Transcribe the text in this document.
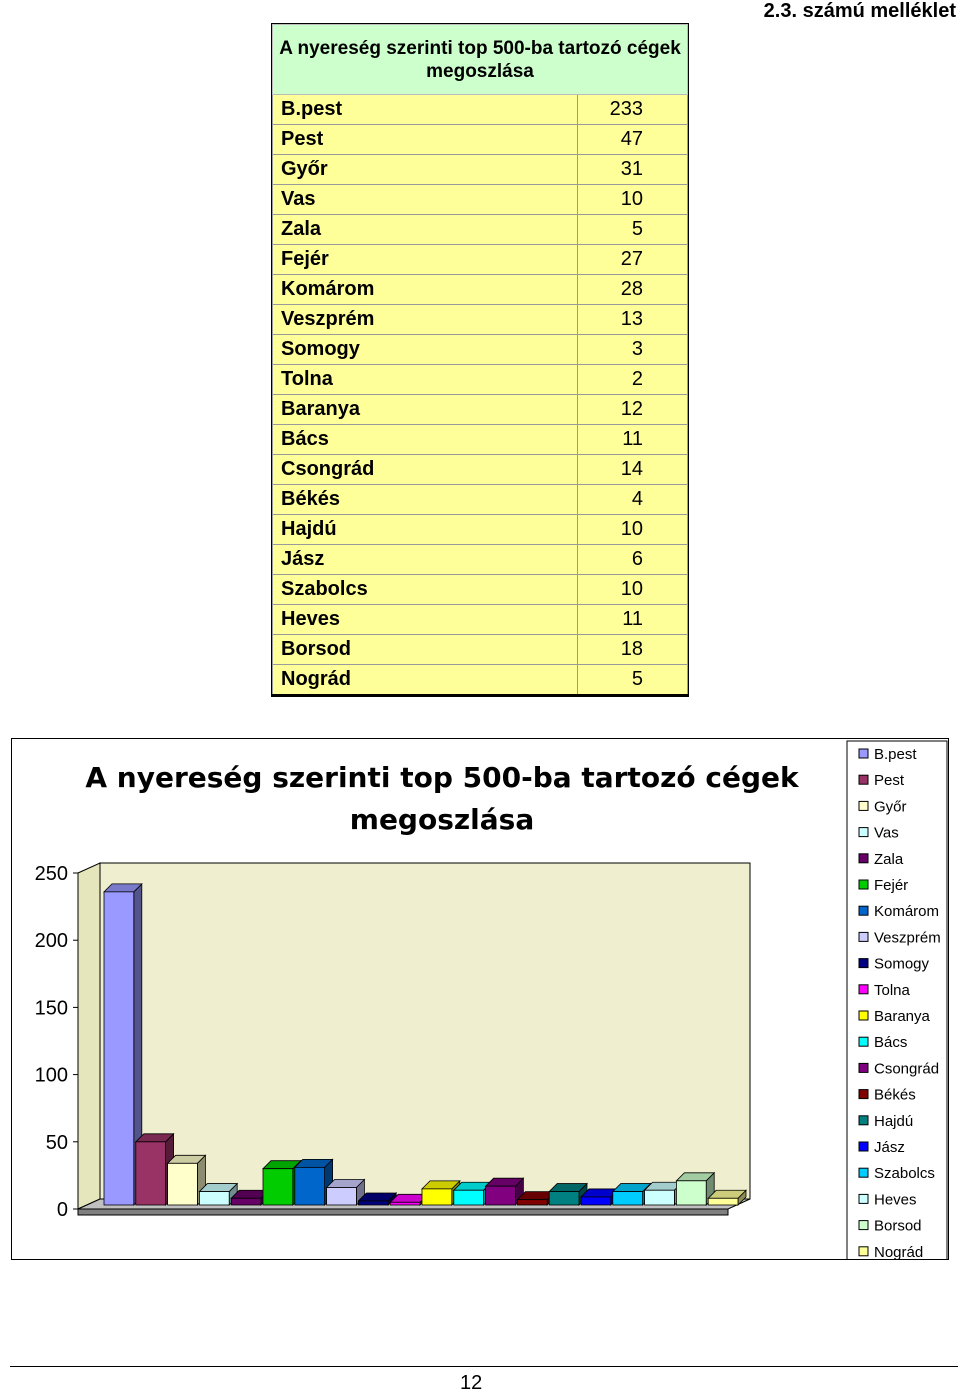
2.3. számú melléklet
A nyereség szerinti top 500-ba tartozó cégek megoszlása	
B.pest	233
Pest	47
Győr	31
Vas	10
Zala	5
Fejér	27
Komárom	28
Veszprém	13
Somogy	3
Tolna	2
Baranya	12
Bács	11
Csongrád	14
Békés	4
Hajdú	10
Jász	6
Szabolcs	10
Heves	11
Borsod	18
Nográd	5
0
50
100
150
200
250
A nyereség szerinti top 500-ba tartozó cégek
megoszlása
B.pest
Pest
Győr
Vas
Zala
Fejér
Komárom
Veszprém
Somogy
Tolna
Baranya
Bács
Csongrád
Békés
Hajdú
Jász
Szabolcs
Heves
Borsod
Nográd
12
